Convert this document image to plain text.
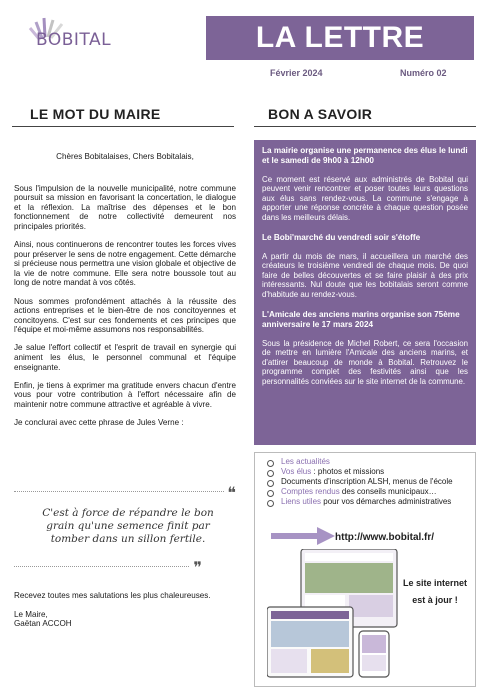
BOBITAL	LA LETTRE
Février 2024	Numéro 02
LE MOT DU MAIRE	BON A SAVOIR

Chères Bobitalaises, Chers Bobitalais,

Sous l'impulsion de la nouvelle municipalité, notre commune poursuit sa mission en favorisant la concertation, le dialogue et la réflexion. La maîtrise des dépenses et le bon fonctionnement de notre collectivité demeurent nos principales priorités.

Ainsi, nous continuerons de rencontrer toutes les forces vives pour préserver le sens de notre engagement. Cette démarche si précieuse nous permettra une vision globale et objective de la vie de notre commune. Elle sera notre boussole tout au long de notre mandat à vos côtés.

Nous sommes profondément attachés à la réussite des actions entreprises et le bien-être de nos concitoyennes et concitoyens. C'est sur ces fondements et ces principes que l'équipe et moi-même assumons nos responsabilités.

Je salue l'effort collectif et l'esprit de travail en synergie qui animent les élus, le personnel communal et l'équipe enseignante.

Enfin, je tiens à exprimer ma gratitude envers chacun d'entre vous pour votre contribution à l'effort nécessaire afin de maintenir notre commune attractive et agréable à vivre.

Je conclurai avec cette phrase de Jules Verne :

❝
C'est à force de répandre le bon grain qu'une semence finit par tomber dans un sillon fertile.
❞

Recevez toutes mes salutations les plus chaleureuses.

Le Maire,
Gaëtan ACCOH
La mairie organise une permanence des élus le lundi et le samedi de 9h00 à 12h00

Ce moment est réservé aux administrés de Bobital qui peuvent venir rencontrer et poser toutes leurs questions aux élus sans rendez-vous. La commune s'engage à apporter une réponse concrète à chaque question posée dans les meilleurs délais.

Le Bobi'marché du vendredi soir s'étoffe

A partir du mois de mars, il accueillera un marché des créateurs le troisième vendredi de chaque mois. De quoi faire de belles découvertes et se faire plaisir à des prix intéressants. Nul doute que les bobitalais seront comme d'habitude au rendez-vous.

L'Amicale des anciens marins organise son 75ème anniversaire le 17 mars 2024

Sous la présidence de Michel Robert, ce sera l'occasion de mettre en lumière l'Amicale des anciens marins, et d'attirer beaucoup de monde à Bobital. Retrouvez le programme complet des festivités ainsi que les personnalités conviées sur le site internet de la commune.

Les actualités
Vos élus : photos et missions
Documents d'inscription ALSH, menus de l'école
Comptes rendus des conseils municipaux…
Liens utiles pour vos démarches administratives
http://www.bobital.fr/
Le site internet
est à jour !
